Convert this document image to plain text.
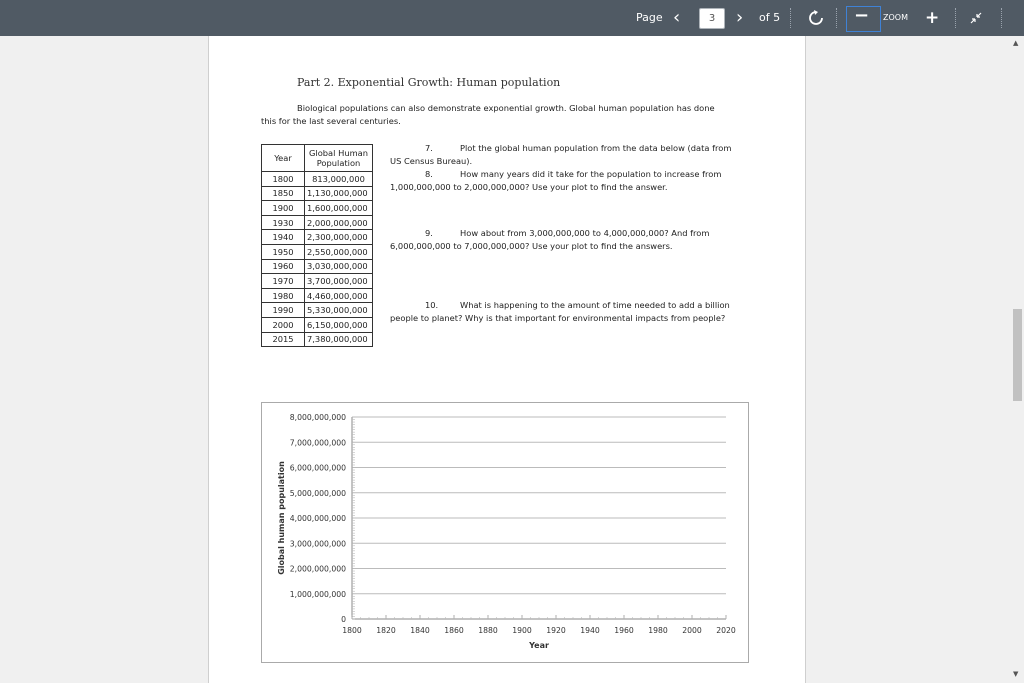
Page ‹	3	› of 5	− ZOOM +
Part 2. Exponential Growth: Human population
Biological populations can also demonstrate exponential growth. Global human population has done
this for the last several centuries.
Year	Global Human
Population

1800	813,000,000
1850	1,130,000,000
1900	1,600,000,000
1930	2,000,000,000
1940	2,300,000,000
1950	2,550,000,000
1960	3,030,000,000
1970	3,700,000,000
1980	4,460,000,000
1990	5,330,000,000
2000	6,150,000,000
2015	7,380,000,000
7.	Plot the global human population from the data below (data from
US Census Bureau).
8.	How many years did it take for the population to increase from
1,000,000,000 to 2,000,000,000? Use your plot to find the answer.
9.	How about from 3,000,000,000 to 4,000,000,000? And from
6,000,000,000 to 7,000,000,000? Use your plot to find the answers.
10.	What is happening to the amount of time needed to add a billion
people to planet? Why is that important for environmental impacts from people?
0
1,000,000,000
2,000,000,000
3,000,000,000
4,000,000,000
5,000,000,000
6,000,000,000
7,000,000,000
8,000,000,000
1800 1820 1840 1860 1880 1900 1920 1940 1960 1980 2000 2020
Year
Global human population
▲
▼
